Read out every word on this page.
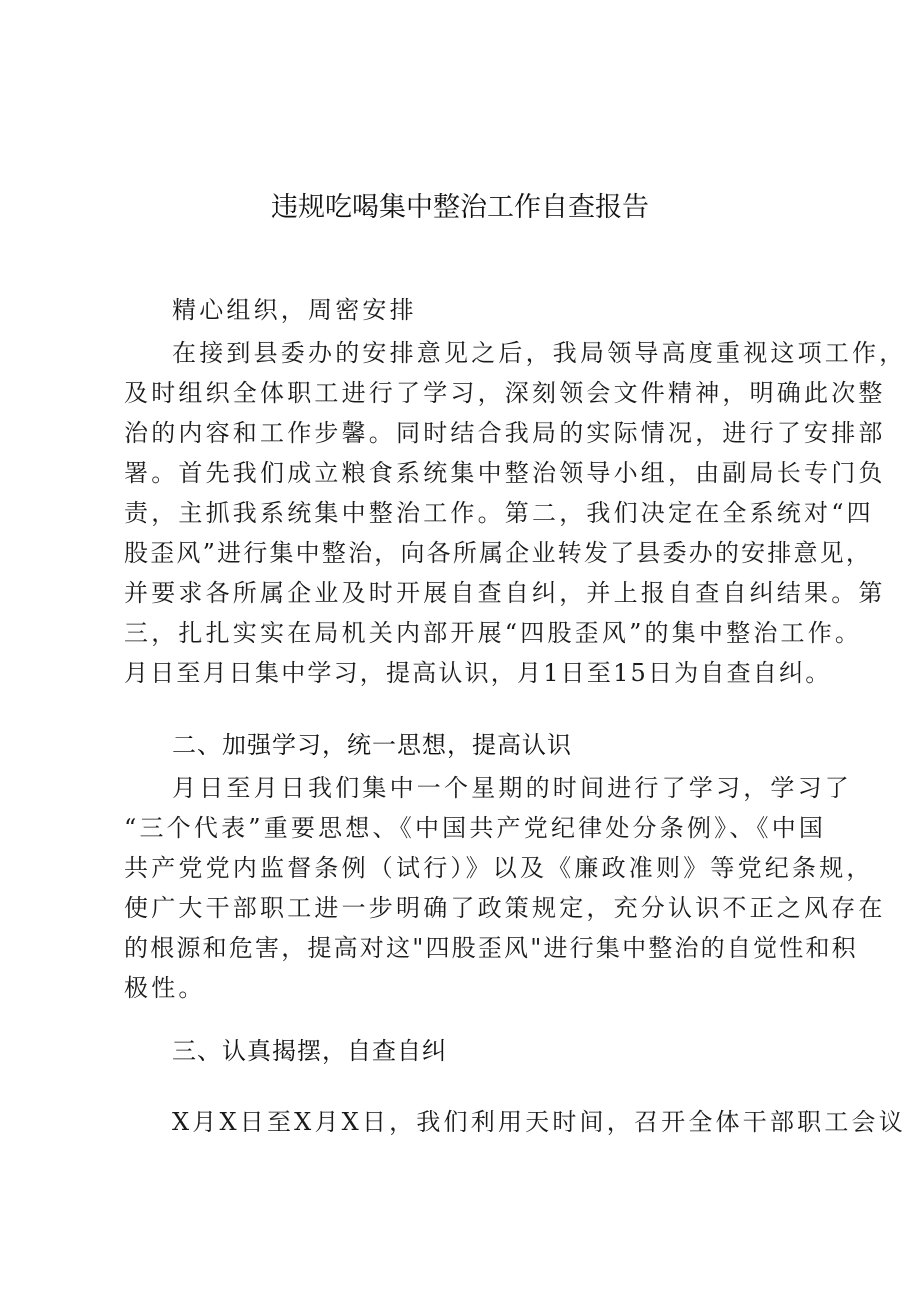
违规吃喝集中整治工作自查报告
精心组织，周密安排
在接到县委办的安排意见之后，我局领导高度重视这项工作，
及时组织全体职工进行了学习，深刻领会文件精神，明确此次整
治的内容和工作步馨。同时结合我局的实际情况，进行了安排部
署。首先我们成立粮食系统集中整治领导小组，由副局长专门负
责，主抓我系统集中整治工作。第二，我们决定在全系统对“四
股歪风”进行集中整治，向各所属企业转发了县委办的安排意见，
并要求各所属企业及时开展自查自纠，并上报自查自纠结果。第
三，扎扎实实在局机关内部开展“四股歪风”的集中整治工作。
月日至月日集中学习，提高认识，月1日至15日为自查自纠。
二、加强学习，统一思想，提高认识
月日至月日我们集中一个星期的时间进行了学习，学习了
“三个代表”重要思想、《中国共产党纪律处分条例》、《中国
共产党党内监督条例（试行）》以及《廉政准则》等党纪条规，
使广大干部职工进一步明确了政策规定，充分认识不正之风存在
的根源和危害，提高对这"四股歪风"进行集中整治的自觉性和积
极性。
三、认真揭摆，自查自纠
X月X日至X月X日，我们利用天时间，召开全体干部职工会议
